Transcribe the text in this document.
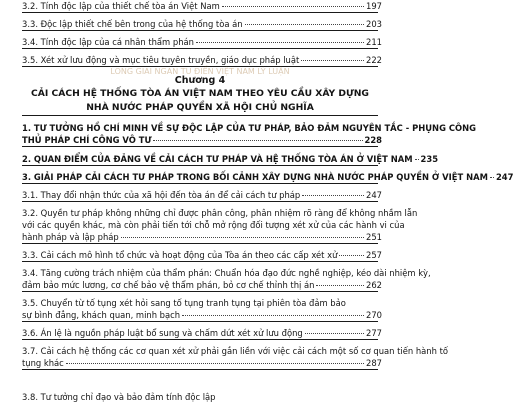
3.2. Tính độc lập của thiết chế tòa án Việt Nam	197
3.3. Độc lập thiết chế bên trong của hệ thống tòa án	203
3.4. Tính độc lập của cá nhân thẩm phán	211
3.5. Xét xử lưu động và mục tiêu tuyên truyền, giáo dục pháp luật	222
LONG GIAI NGAN TU ĐIỂN VIỆT NAM LÝ LUẬN
Chương 4
CẢI CÁCH HỆ THỐNG TÒA ÁN VIỆT NAM THEO YÊU CẦU XÂY DỰNG
NHÀ NƯỚC PHÁP QUYỀN XÃ HỘI CHỦ NGHĨA
1. TƯ TƯỞNG HỒ CHÍ MINH VỀ SỰ ĐỘC LẬP CỦA TƯ PHÁP, BẢO ĐẢM NGUYÊN TẮC - PHỤNG CÔNG
THỦ PHÁP CHÍ CÔNG VÔ TƯ	228
2. QUAN ĐIỂM CỦA ĐẢNG VỀ CẢI CÁCH TƯ PHÁP VÀ HỆ THỐNG TÒA ÁN Ở VIỆT NAM 235
3. GIẢI PHÁP CẢI CÁCH TƯ PHÁP TRONG BỐI CẢNH XÂY DỰNG NHÀ NƯỚC PHÁP QUYỀN Ở VIỆT NAM 247
3.1. Thay đổi nhận thức của xã hội đến tòa án để cải cách tư pháp	247
3.2. Quyền tư pháp không những chỉ được phân công, phân nhiệm rõ ràng để không nhầm lẫn
với các quyền khác, mà còn phải tiến tới chỗ mở rộng đối tượng xét xử của các hành vi của
hành pháp và lập pháp	251
3.3. Cải cách mô hình tổ chức và hoạt động của Tòa án theo các cấp xét xử	257
3.4. Tăng cường trách nhiệm của thẩm phán: Chuẩn hóa đạo đức nghề nghiệp, kéo dài nhiệm kỳ,
đảm bảo mức lương, cơ chế bảo vệ thẩm phán, bỏ cơ chế thỉnh thị án	262
3.5. Chuyển từ tố tụng xét hỏi sang tố tụng tranh tụng tại phiên tòa đảm bảo
sự bình đẳng, khách quan, minh bạch	270
3.6. Án lệ là nguồn pháp luật bổ sung và chấm dứt xét xử lưu động	277
3.7. Cải cách hệ thống các cơ quan xét xử phải gắn liền với việc cải cách một số cơ quan tiến hành tố
tụng khác	287
3.8. Tư tưởng chỉ đạo và bảo đảm tính độc lập
